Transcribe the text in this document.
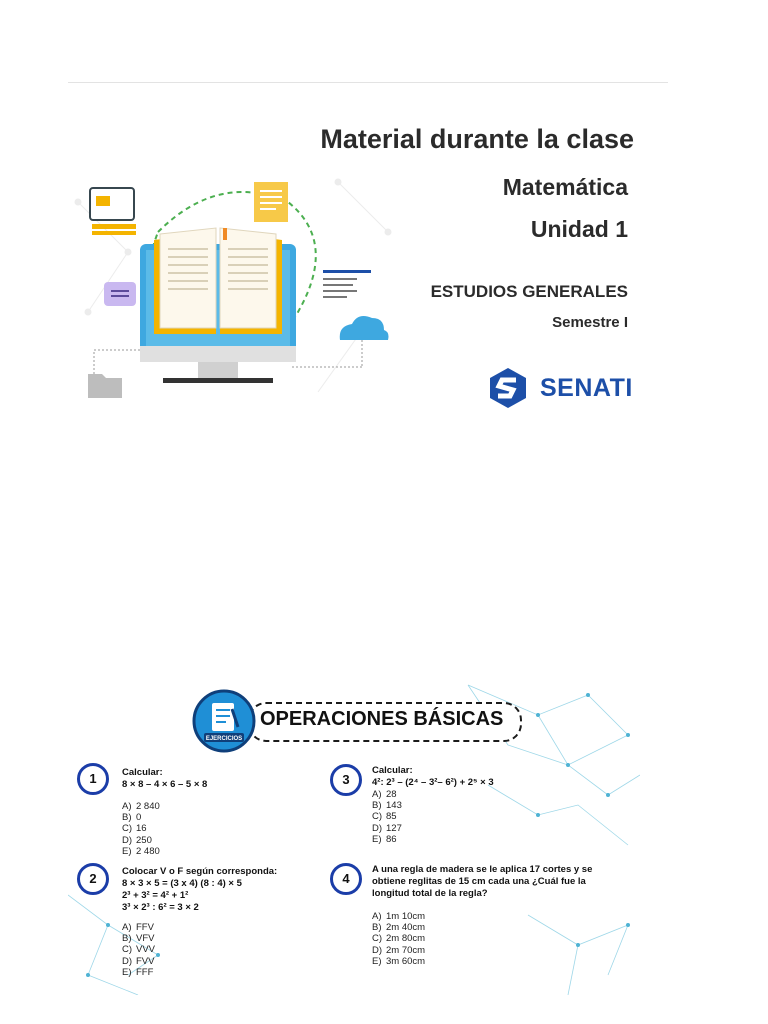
Material durante la clase
Matemática
Unidad 1
ESTUDIOS GENERALES
Semestre I
SENATI
OPERACIONES BÁSICAS
EJERCICIOS
1	Calcular:
8 × 8 – 4 × 6 – 5 × 8
A) 2 840
B) 0
C) 16
D) 250
E) 2 480
2	Colocar V o F según corresponda:
8 × 3 × 5 = (3 x 4) (8 : 4) × 5
2³ + 3² = 4² + 1²
3³ × 2³ : 6² = 3 × 2
A) FFV
B) VFV
C) VVV
D) FVV
E) FFF
3
Calcular:
4²: 2³ – (2⁴ – 3²– 6²) + 2⁵ × 3
A) 28
B) 143
C) 85
D) 127
E) 86
4
A una regla de madera se le aplica 17 cortes y se
obtiene reglitas de 15 cm cada una ¿Cuál fue la
longitud total de la regla?
A) 1m 10cm
B) 2m 40cm
C) 2m 80cm
D) 2m 70cm
E) 3m 60cm
